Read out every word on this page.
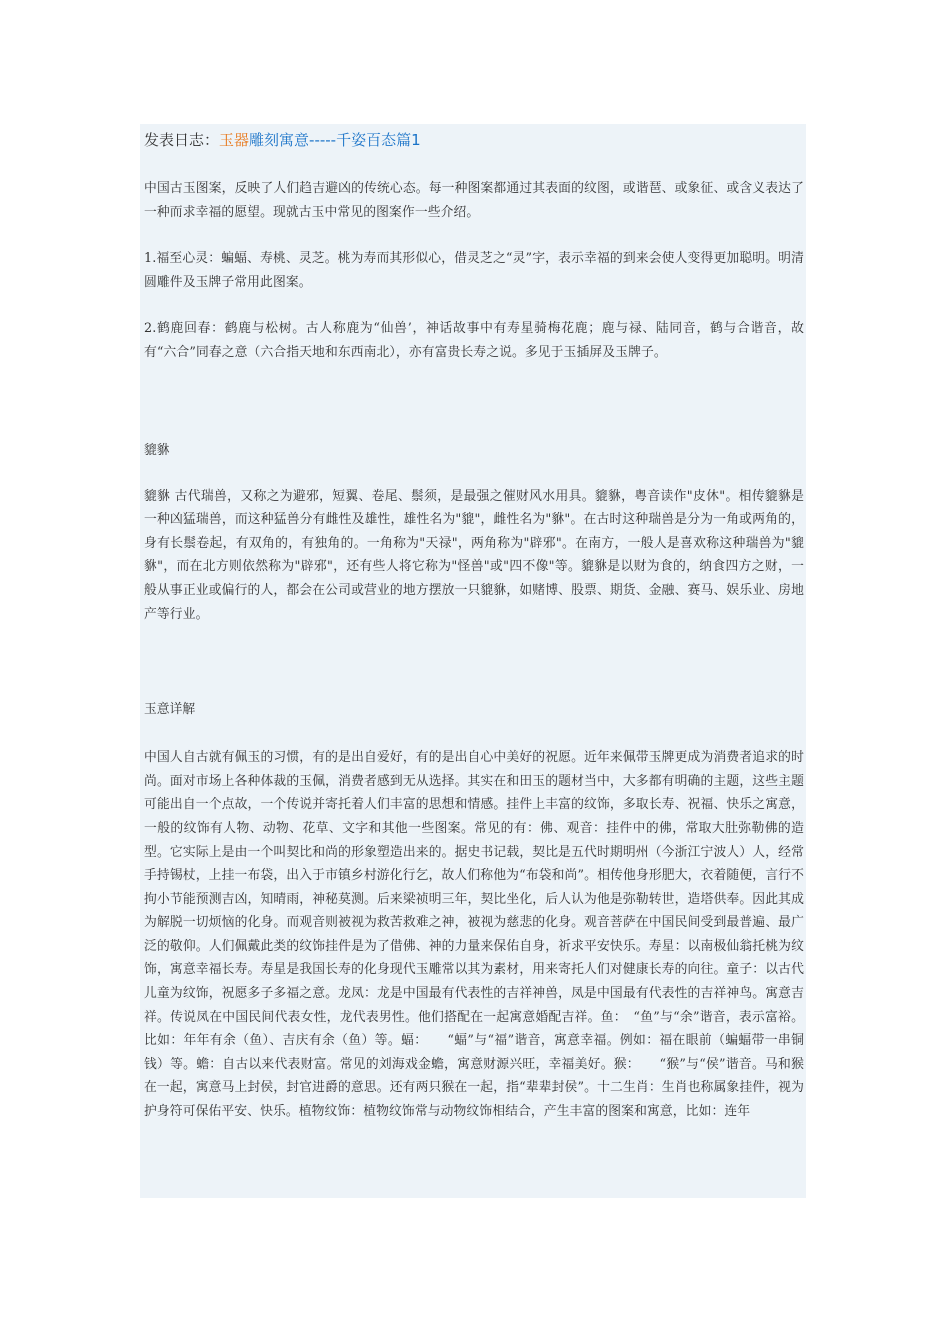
发表日志：玉器雕刻寓意-----千姿百态篇1

中国古玉图案，反映了人们趋吉避凶的传统心态。每一种图案都通过其表面的纹图，或谐琶、或象征、或含义表达了一种而求幸福的愿望。现就古玉中常见的图案作一些介绍。

1.福至心灵：蝙蝠、寿桃、灵芝。桃为寿而其形似心，借灵芝之“灵”字，表示幸福的到来会使人变得更加聪明。明清圆雕件及玉牌子常用此图案。

2.鹤鹿回春：鹤鹿与松树。古人称鹿为“仙兽’，神话故事中有寿星骑梅花鹿；鹿与禄、陆同音，鹤与合谐音，故有“六合”同春之意（六合指天地和东西南北），亦有富贵长寿之说。多见于玉插屏及玉牌子。

貔貅

貔貅 古代瑞兽，又称之为避邪，短翼、卷尾、鬃须，是最强之催财风水用具。貔貅，粤音读作"皮休"。相传貔貅是一种凶猛瑞兽，而这种猛兽分有雌性及雄性，雄性名为"貔"，雌性名为"貅"。在古时这种瑞兽是分为一角或两角的，身有长鬃卷起，有双角的，有独角的。一角称为"天禄"，两角称为"辟邪"。在南方，一般人是喜欢称这种瑞兽为"貔貅"，而在北方则依然称为"辟邪"，还有些人将它称为"怪兽"或"四不像"等。貔貅是以财为食的，纳食四方之财，一般从事正业或偏行的人，都会在公司或营业的地方摆放一只貔貅，如赌博、股票、期货、金融、赛马、娱乐业、房地产等行业。

玉意详解

中国人自古就有佩玉的习惯，有的是出自爱好，有的是出自心中美好的祝愿。近年来佩带玉牌更成为消费者追求的时尚。面对市场上各种体裁的玉佩，消费者感到无从选择。其实在和田玉的题材当中，大多都有明确的主题，这些主题可能出自一个点故，一个传说并寄托着人们丰富的思想和情感。挂件上丰富的纹饰，多取长寿、祝福、快乐之寓意，一般的纹饰有人物、动物、花草、文字和其他一些图案。常见的有：佛、观音：挂件中的佛，常取大肚弥勒佛的造型。它实际上是由一个叫契比和尚的形象塑造出来的。据史书记载，契比是五代时期明州（今浙江宁波人）人，经常手持锡杖，上挂一布袋，出入于市镇乡村游化行乞，故人们称他为“布袋和尚”。相传他身形肥大，衣着随便，言行不拘小节能预测吉凶，知晴雨，神秘莫测。后来梁祯明三年，契比坐化，后人认为他是弥勒转世，造塔供奉。因此其成为解脱一切烦恼的化身。而观音则被视为救苦救难之神，被视为慈悲的化身。观音菩萨在中国民间受到最普遍、最广泛的敬仰。人们佩戴此类的纹饰挂件是为了借佛、神的力量来保佑自身，祈求平安快乐。寿星：以南极仙翁托桃为纹饰，寓意幸福长寿。寿星是我国长寿的化身现代玉雕常以其为素材，用来寄托人们对健康长寿的向往。童子：以古代儿童为纹饰，祝愿多子多福之意。龙凤：龙是中国最有代表性的吉祥神兽，凤是中国最有代表性的吉祥神鸟。寓意吉祥。传说凤在中国民间代表女性，龙代表男性。他们搭配在一起寓意婚配吉祥。鱼：　“鱼”与“余”谐音，表示富裕。比如：年年有余（鱼）、吉庆有余（鱼）等。蝠：　　“蝠”与“福”谐音，寓意幸福。例如：福在眼前（蝙蝠带一串铜钱）等。蟾：自古以来代表财富。常见的刘海戏金蟾，寓意财源兴旺，幸福美好。猴：　　“猴”与“侯”谐音。马和猴在一起，寓意马上封侯，封官进爵的意思。还有两只猴在一起，指“辈辈封侯”。十二生肖：生肖也称属象挂件，视为护身符可保佑平安、快乐。植物纹饰：植物纹饰常与动物纹饰相结合，产生丰富的图案和寓意，比如：连年
